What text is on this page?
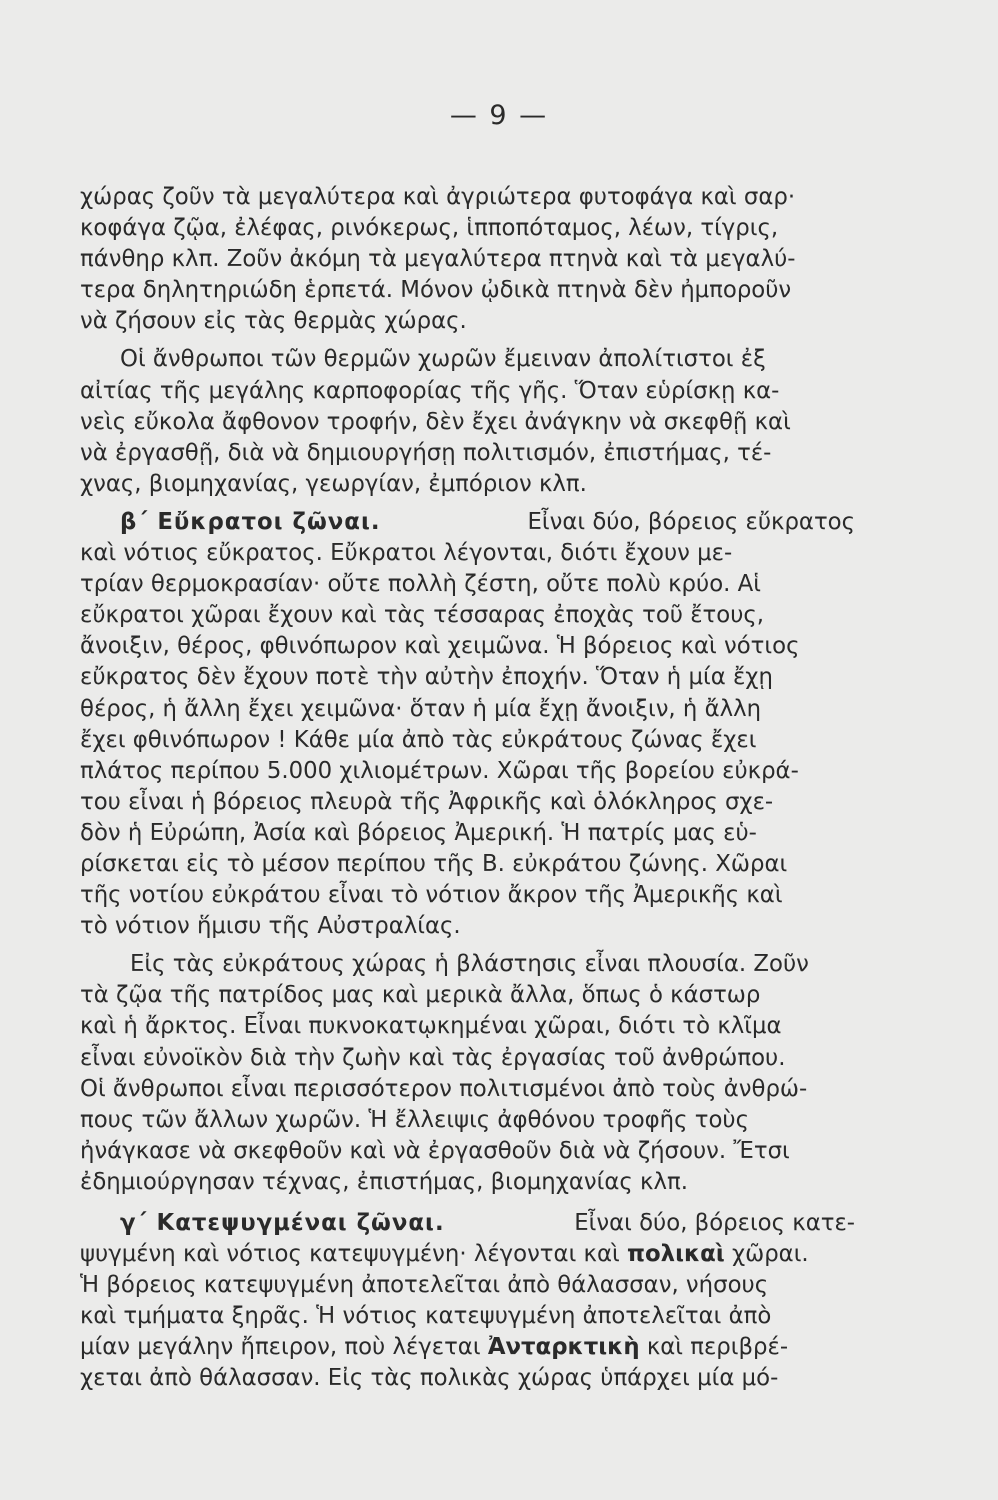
— 9 —
χώρας ζοῦν τὰ μεγαλύτερα καὶ ἀγριώτερα φυτοφάγα καὶ σαρ·
κοφάγα ζῷα, ἐλέφας, ρινόκερως, ἱπποπόταμος, λέων, τίγρις,
πάνθηρ κλπ. Ζοῦν ἀκόμη τὰ μεγαλύτερα πτηνὰ καὶ τὰ μεγαλύ-
τερα δηλητηριώδη ἑρπετά. Μόνον ᾠδικὰ πτηνὰ δὲν ἠμποροῦν
νὰ ζήσουν εἰς τὰς θερμὰς χώρας.
Οἱ ἄνθρωποι τῶν θερμῶν χωρῶν ἔμειναν ἀπολίτιστοι ἐξ
αἰτίας τῆς μεγάλης καρποφορίας τῆς γῆς. Ὅταν εὑρίσκῃ κα-
νεὶς εὔκολα ἄφθονον τροφήν, δὲν ἔχει ἀνάγκην νὰ σκεφθῇ καὶ
νὰ ἐργασθῇ, διὰ νὰ δημιουργήσῃ πολιτισμόν, ἐπιστήμας, τέ-
χνας, βιομηχανίας, γεωργίαν, ἐμπόριον κλπ.
β΄ Εὔκρατοι ζῶναι.	Εἶναι δύο, βόρειος εὔκρατος
καὶ νότιος εὔκρατος. Εὔκρατοι λέγονται, διότι ἔχουν με-
τρίαν θερμοκρασίαν· οὔτε πολλὴ ζέστη, οὔτε πολὺ κρύο. Αἱ
εὔκρατοι χῶραι ἔχουν καὶ τὰς τέσσαρας ἐποχὰς τοῦ ἔτους,
ἄνοιξιν, θέρος, φθινόπωρον καὶ χειμῶνα. Ἡ βόρειος καὶ νότιος
εὔκρατος δὲν ἔχουν ποτὲ τὴν αὐτὴν ἐποχήν. Ὅταν ἡ μία ἔχῃ
θέρος, ἡ ἄλλη ἔχει χειμῶνα· ὅταν ἡ μία ἔχῃ ἄνοιξιν, ἡ ἄλλη
ἔχει φθινόπωρον ! Κάθε μία ἀπὸ τὰς εὐκράτους ζώνας ἔχει
πλάτος περίπου 5.000 χιλιομέτρων. Χῶραι τῆς βορείου εὐκρά-
του εἶναι ἡ βόρειος πλευρὰ τῆς Ἀφρικῆς καὶ ὁλόκληρος σχε-
δὸν ἡ Εὐρώπη, Ἀσία καὶ βόρειος Ἀμερική. Ἡ πατρίς μας εὑ-
ρίσκεται εἰς τὸ μέσον περίπου τῆς Β. εὐκράτου ζώνης. Χῶραι
τῆς νοτίου εὐκράτου εἶναι τὸ νότιον ἄκρον τῆς Ἀμερικῆς καὶ
τὸ νότιον ἥμισυ τῆς Αὐστραλίας.
Εἰς τὰς εὐκράτους χώρας ἡ βλάστησις εἶναι πλουσία. Ζοῦν
τὰ ζῷα τῆς πατρίδος μας καὶ μερικὰ ἄλλα, ὅπως ὁ κάστωρ
καὶ ἡ ἄρκτος. Εἶναι πυκνοκατῳκημέναι χῶραι, διότι τὸ κλῖμα
εἶναι εὐνοϊκὸν διὰ τὴν ζωὴν καὶ τὰς ἐργασίας τοῦ ἀνθρώπου.
Οἱ ἄνθρωποι εἶναι περισσότερον πολιτισμένοι ἀπὸ τοὺς ἀνθρώ-
πους τῶν ἄλλων χωρῶν. Ἡ ἔλλειψις ἀφθόνου τροφῆς τοὺς
ἠνάγκασε νὰ σκεφθοῦν καὶ νὰ ἐργασθοῦν διὰ νὰ ζήσουν. Ἔτσι
ἐδημιούργησαν τέχνας, ἐπιστήμας, βιομηχανίας κλπ.
γ΄ Κατεψυγμέναι ζῶναι.	Εἶναι δύο, βόρειος κατε-
ψυγμένη καὶ νότιος κατεψυγμένη· λέγονται καὶ πολικαὶ χῶραι.
Ἡ βόρειος κατεψυγμένη ἀποτελεῖται ἀπὸ θάλασσαν, νήσους
καὶ τμήματα ξηρᾶς. Ἡ νότιος κατεψυγμένη ἀποτελεῖται ἀπὸ
μίαν μεγάλην ἤπειρον, ποὺ λέγεται Ἀνταρκτικὴ καὶ περιβρέ-
χεται ἀπὸ θάλασσαν. Εἰς τὰς πολικὰς χώρας ὑπάρχει μία μό-
